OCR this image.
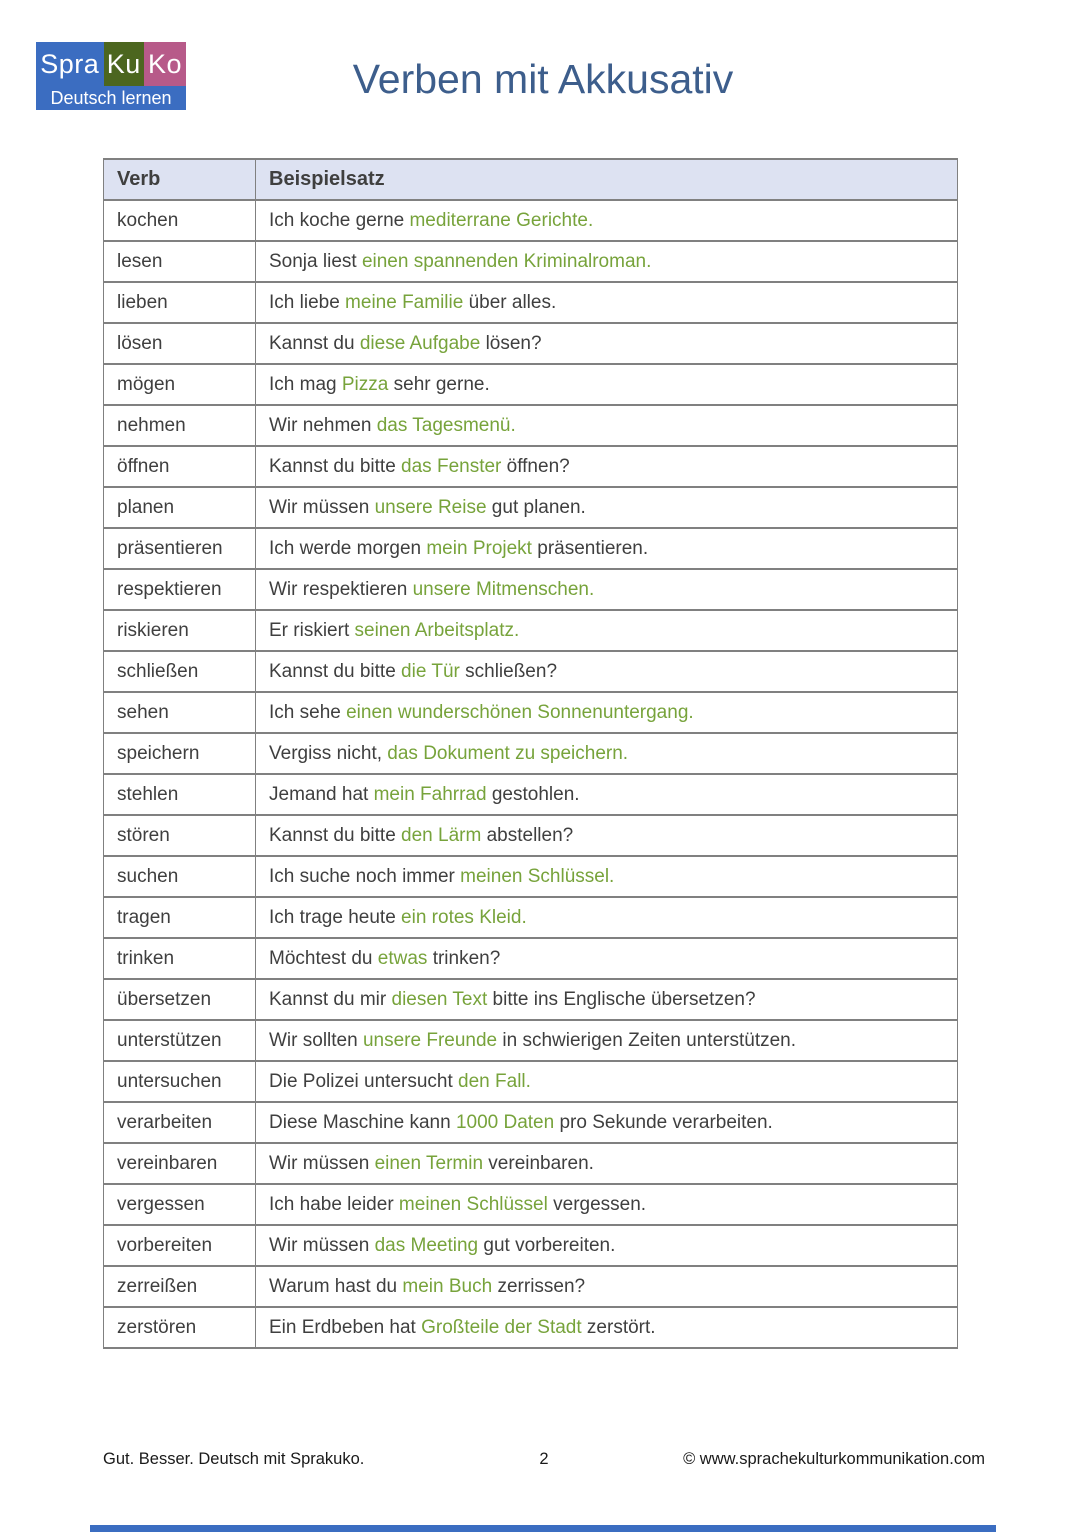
Spra Ku Ko
Deutsch lernen	Verben mit Akkusativ
Verb	Beispielsatz
kochen	Ich koche gerne mediterrane Gerichte.
lesen	Sonja liest einen spannenden Kriminalroman.
lieben	Ich liebe meine Familie über alles.
lösen	Kannst du diese Aufgabe lösen?
mögen	Ich mag Pizza sehr gerne.
nehmen	Wir nehmen das Tagesmenü.
öffnen	Kannst du bitte das Fenster öffnen?
planen	Wir müssen unsere Reise gut planen.
präsentieren	Ich werde morgen mein Projekt präsentieren.
respektieren	Wir respektieren unsere Mitmenschen.
riskieren	Er riskiert seinen Arbeitsplatz.
schließen	Kannst du bitte die Tür schließen?
sehen	Ich sehe einen wunderschönen Sonnenuntergang.
speichern	Vergiss nicht, das Dokument zu speichern.
stehlen	Jemand hat mein Fahrrad gestohlen.
stören	Kannst du bitte den Lärm abstellen?
suchen	Ich suche noch immer meinen Schlüssel.
tragen	Ich trage heute ein rotes Kleid.
trinken	Möchtest du etwas trinken?
übersetzen	Kannst du mir diesen Text bitte ins Englische übersetzen?
unterstützen	Wir sollten unsere Freunde in schwierigen Zeiten unterstützen.
untersuchen	Die Polizei untersucht den Fall.
verarbeiten	Diese Maschine kann 1000 Daten pro Sekunde verarbeiten.
vereinbaren	Wir müssen einen Termin vereinbaren.
vergessen	Ich habe leider meinen Schlüssel vergessen.
vorbereiten	Wir müssen das Meeting gut vorbereiten.
zerreißen	Warum hast du mein Buch zerrissen?
zerstören	Ein Erdbeben hat Großteile der Stadt zerstört.
Gut. Besser. Deutsch mit Sprakuko.	2	© www.sprachekulturkommunikation.com
